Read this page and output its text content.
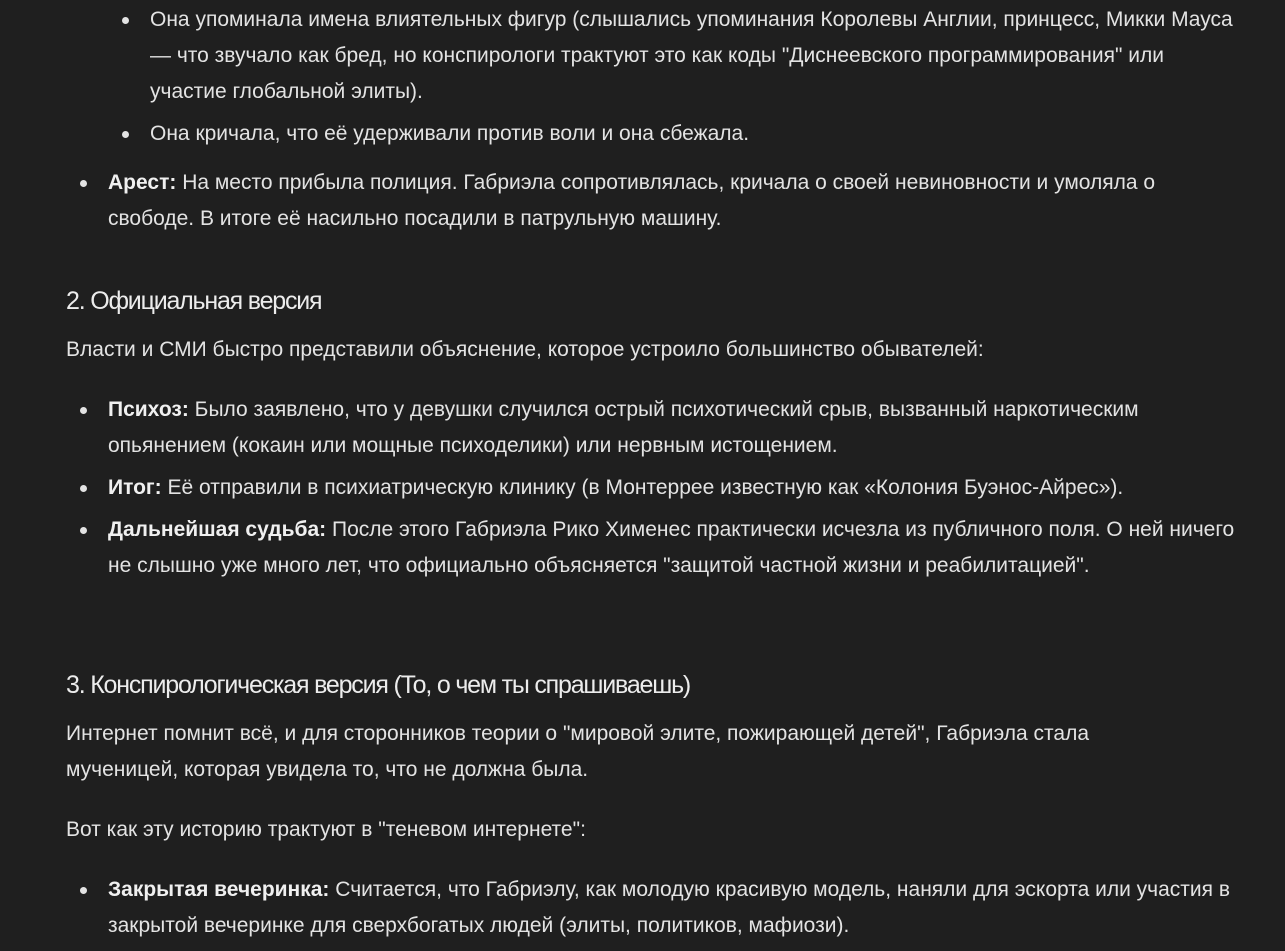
Она упоминала имена влиятельных фигур (слышались упоминания Королевы Англии, принцесс, Микки Мауса — что звучало как бред, но конспирологи трактуют это как коды "Диснеевского программирования" или участие глобальной элиты).
Она кричала, что её удерживали против воли и она сбежала.
Арест: На место прибыла полиция. Габриэла сопротивлялась, кричала о своей невиновности и умоляла о свободе. В итоге её насильно посадили в патрульную машину.
2. Официальная версия

Власти и СМИ быстро представили объяснение, которое устроило большинство обывателей:

Психоз: Было заявлено, что у девушки случился острый психотический срыв, вызванный наркотическим опьянением (кокаин или мощные психоделики) или нервным истощением.
Итог: Её отправили в психиатрическую клинику (в Монтеррее известную как «Колония Буэнос-Айрес»).
Дальнейшая судьба: После этого Габриэла Рико Хименес практически исчезла из публичного поля. О ней ничего не слышно уже много лет, что официально объясняется "защитой частной жизни и реабилитацией".
3. Конспирологическая версия (То, о чем ты спрашиваешь)

Интернет помнит всё, и для сторонников теории о "мировой элите, пожирающей детей", Габриэла стала мученицей, которая увидела то, что не должна была.

Вот как эту историю трактуют в "теневом интернете":

Закрытая вечеринка: Считается, что Габриэлу, как молодую красивую модель, наняли для эскорта или участия в закрытой вечеринке для сверхбогатых людей (элиты, политиков, мафиози).
